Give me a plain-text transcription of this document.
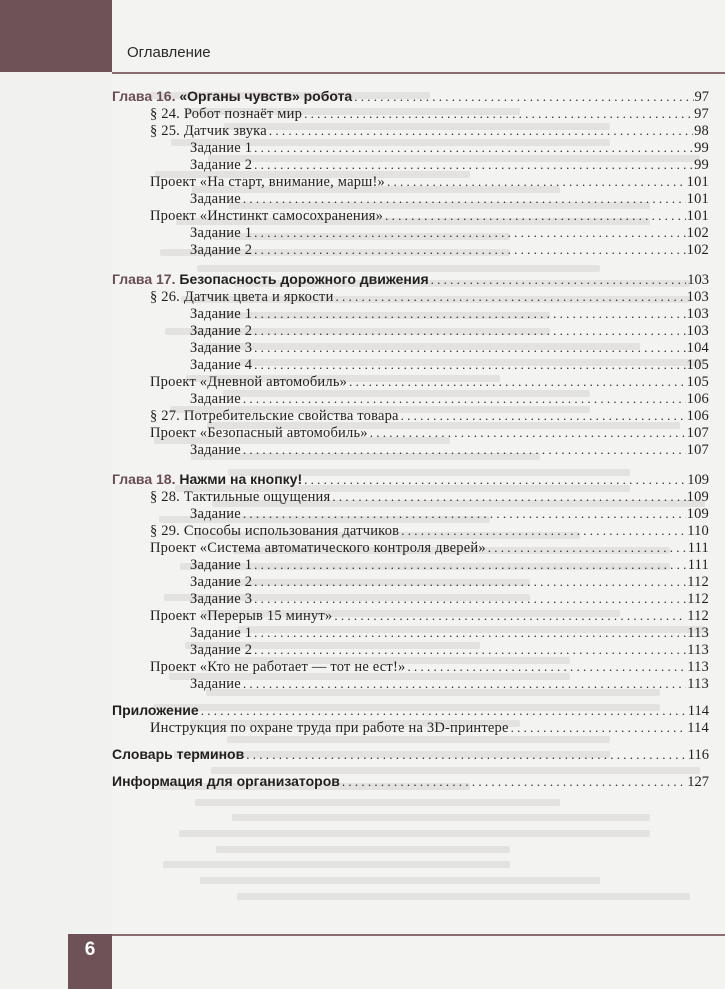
Оглавление
Глава 16. «Органы чувств» робота . . .	97
§ 24. Робот познаёт мир . . .	97
§ 25. Датчик звука . . .	98
Задание 1 . . .	99
Задание 2 . . .	99
Проект «На старт, внимание, марш!» . . .	101
Задание . . .	101
Проект «Инстинкт самосохранения» . . .	101
Задание 1 . . .	102
Задание 2 . . .	102
Глава 17. Безопасность дорожного движения . . .	103
§ 26. Датчик цвета и яркости . . .	103
Задание 1 . . .	103
Задание 2 . . .	103
Задание 3 . . .	104
Задание 4 . . .	105
Проект «Дневной автомобиль» . . .	105
Задание . . .	106
§ 27. Потребительские свойства товара . . .	106
Проект «Безопасный автомобиль» . . .	107
Задание . . .	107
Глава 18. Нажми на кнопку! . . .	109
§ 28. Тактильные ощущения . . .	109
Задание . . .	109
§ 29. Способы использования датчиков . . .	110
Проект «Система автоматического контроля дверей» . . .	111
Задание 1 . . .	111
Задание 2 . . .	112
Задание 3 . . .	112
Проект «Перерыв 15 минут» . . .	112
Задание 1 . . .	113
Задание 2 . . .	113
Проект «Кто не работает — тот не ест!» . . .	113
Задание . . .	113
Приложение . . .	114
Инструкция по охране труда при работе на 3D-принтере . . .	114
Словарь терминов . . .	116
Информация для организаторов . . .	127
6
